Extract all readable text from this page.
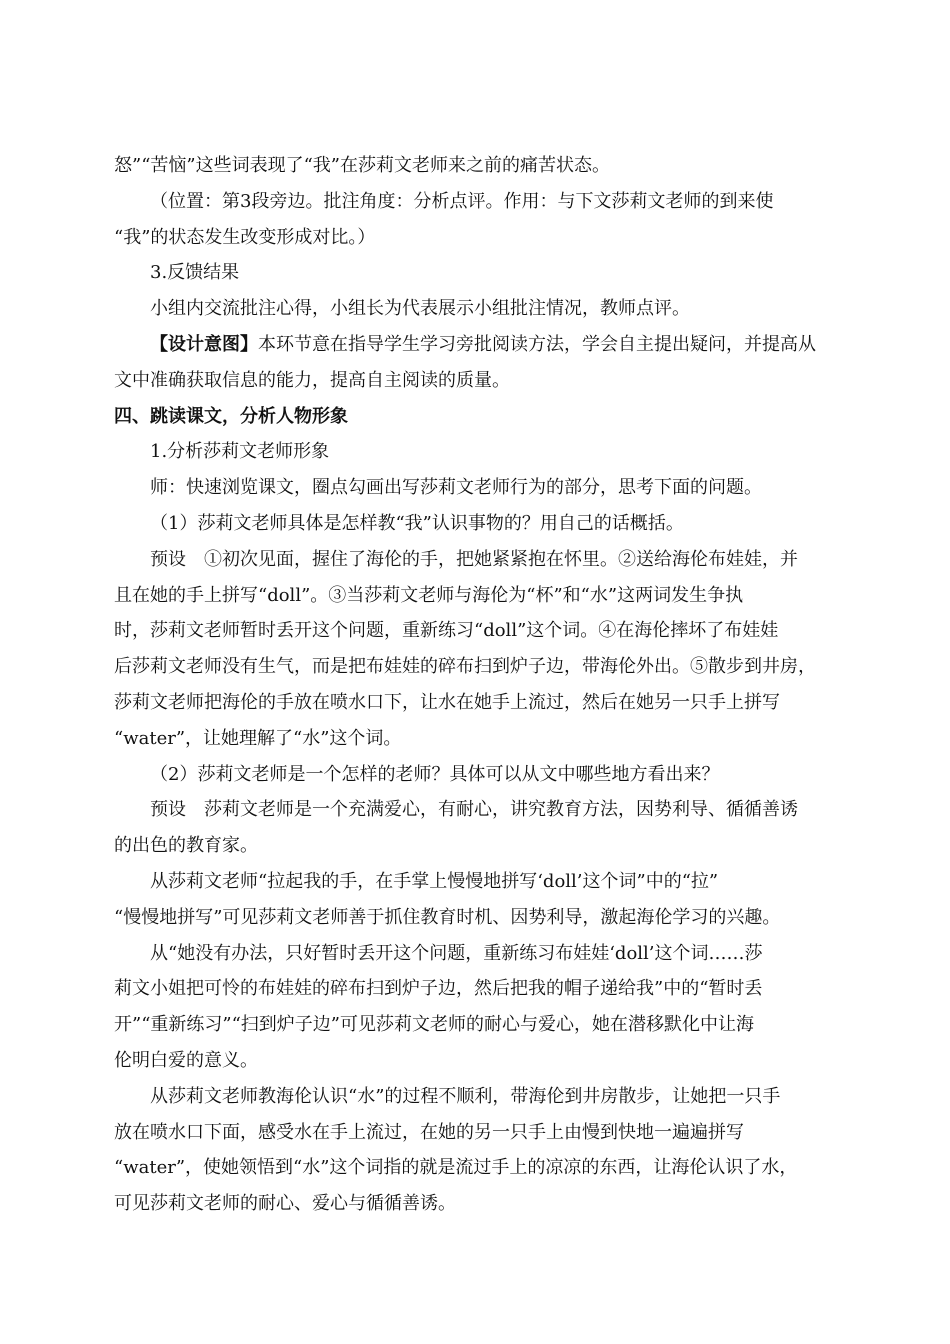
怒”“苦恼”这些词表现了“我”在莎莉文老师来之前的痛苦状态。
（位置：第3段旁边。批注角度：分析点评。作用：与下文莎莉文老师的到来使
“我”的状态发生改变形成对比。）
3.反馈结果
小组内交流批注心得，小组长为代表展示小组批注情况，教师点评。
【设计意图】本环节意在指导学生学习旁批阅读方法，学会自主提出疑问，并提高从
文中准确获取信息的能力，提高自主阅读的质量。
四、跳读课文，分析人物形象
1.分析莎莉文老师形象
师：快速浏览课文，圈点勾画出写莎莉文老师行为的部分，思考下面的问题。
（1）莎莉文老师具体是怎样教“我”认识事物的？用自己的话概括。
预设　①初次见面，握住了海伦的手，把她紧紧抱在怀里。②送给海伦布娃娃，并
且在她的手上拼写“doll”。③当莎莉文老师与海伦为“杯”和“水”这两词发生争执
时，莎莉文老师暂时丢开这个问题，重新练习“doll”这个词。④在海伦摔坏了布娃娃
后莎莉文老师没有生气，而是把布娃娃的碎布扫到炉子边，带海伦外出。⑤散步到井房，
莎莉文老师把海伦的手放在喷水口下，让水在她手上流过，然后在她另一只手上拼写
“water”，让她理解了“水”这个词。
（2）莎莉文老师是一个怎样的老师？具体可以从文中哪些地方看出来？
预设　莎莉文老师是一个充满爱心，有耐心，讲究教育方法，因势利导、循循善诱
的出色的教育家。
从莎莉文老师“拉起我的手，在手掌上慢慢地拼写‘doll’这个词”中的“拉”
“慢慢地拼写”可见莎莉文老师善于抓住教育时机、因势利导，激起海伦学习的兴趣。
从“她没有办法，只好暂时丢开这个问题，重新练习布娃娃‘doll’这个词……莎
莉文小姐把可怜的布娃娃的碎布扫到炉子边，然后把我的帽子递给我”中的“暂时丢
开”“重新练习”“扫到炉子边”可见莎莉文老师的耐心与爱心，她在潜移默化中让海
伦明白爱的意义。
从莎莉文老师教海伦认识“水”的过程不顺利，带海伦到井房散步，让她把一只手
放在喷水口下面，感受水在手上流过，在她的另一只手上由慢到快地一遍遍拼写
“water”，使她领悟到“水”这个词指的就是流过手上的凉凉的东西，让海伦认识了水，
可见莎莉文老师的耐心、爱心与循循善诱。
